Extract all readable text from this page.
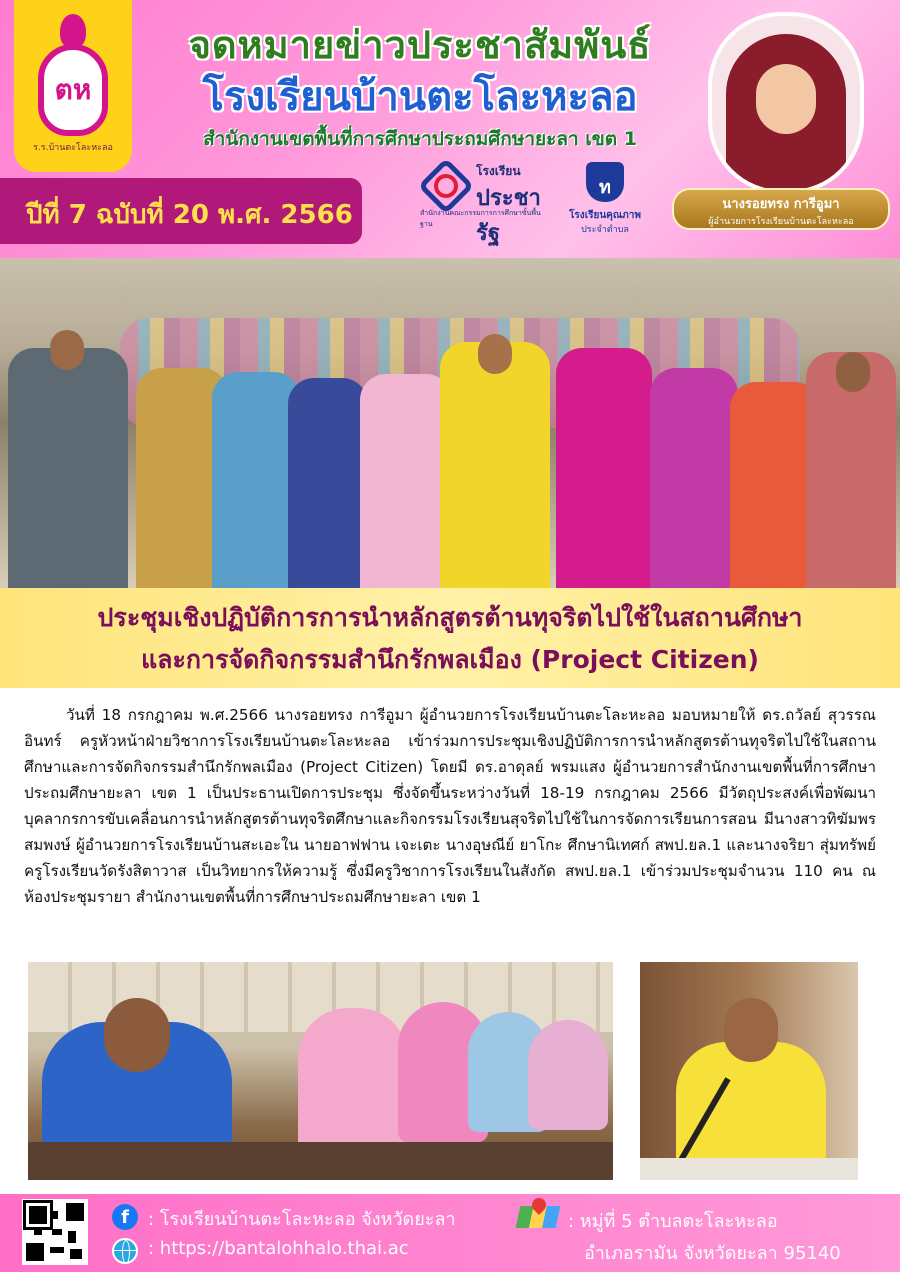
ตห
ร.ร.บ้านตะโละหะลอ
จดหมายข่าวประชาสัมพันธ์
โรงเรียนบ้านตะโละหะลอ
สำนักงานเขตพื้นที่การศึกษาประถมศึกษายะลา เขต 1
ปีที่ 7 ฉบับที่ 20 พ.ศ. 2566
โรงเรียน
ประชารัฐ
สำนักงานคณะกรรมการการศึกษาขั้นพื้นฐาน
ท
โรงเรียนคุณภาพ
ประจำตำบล
นางรอยทรง การีอูมา
ผู้อำนวยการโรงเรียนบ้านตะโละหะลอ
ประชุมเชิงปฏิบัติการการนำหลักสูตรต้านทุจริตไปใช้ในสถานศึกษา
และการจัดกิจกรรมสำนึกรักพลเมือง (Project Citizen)

วันที่ 18 กรกฎาคม พ.ศ.2566 นางรอยทรง การีอูมา ผู้อำนวยการโรงเรียนบ้านตะโละหะลอ มอบหมายให้ ดร.ถวัลย์ สุวรรณอินทร์ ครูหัวหน้าฝ่ายวิชาการโรงเรียนบ้านตะโละหะลอ เข้าร่วมการประชุมเชิงปฏิบัติการการนำหลักสูตรต้านทุจริตไปใช้ในสถานศึกษาและการจัดกิจกรรมสำนึกรักพลเมือง (Project Citizen) โดยมี ดร.อาดุลย์ พรมแสง ผู้อำนวยการสำนักงานเขตพื้นที่การศึกษาประถมศึกษายะลา เขต 1 เป็นประธานเปิดการประชุม ซึ่งจัดขึ้นระหว่างวันที่ 18-19 กรกฎาคม 2566 มีวัตถุประสงค์เพื่อพัฒนาบุคลากรการขับเคลื่อนการนำหลักสูตรต้านทุจริตศึกษาและกิจกรรมโรงเรียนสุจริตไปใช้ในการจัดการเรียนการสอน มีนางสาวทิฆัมพร สมพงษ์ ผู้อำนวยการโรงเรียนบ้านสะเอะใน นายอาฟฟาน เจะเตะ นางอุษณีย์ ยาโกะ ศึกษานิเทศก์ สพป.ยล.1 และนางจริยา สุ่มทรัพย์ ครูโรงเรียนวัดรังสิตาวาส เป็นวิทยากรให้ความรู้ ซึ่งมีครูวิชาการโรงเรียนในสังกัด สพป.ยล.1 เข้าร่วมประชุมจำนวน 110 คน ณ ห้องประชุมรายา สำนักงานเขตพื้นที่การศึกษาประถมศึกษายะลา เขต 1

f	: โรงเรียนบ้านตะโละหะลอ จังหวัดยะลา
: https://bantalohhalo.thai.ac
: หมู่ที่ 5 ตำบลตะโละหะลอ
อำเภอรามัน จังหวัดยะลา 95140
